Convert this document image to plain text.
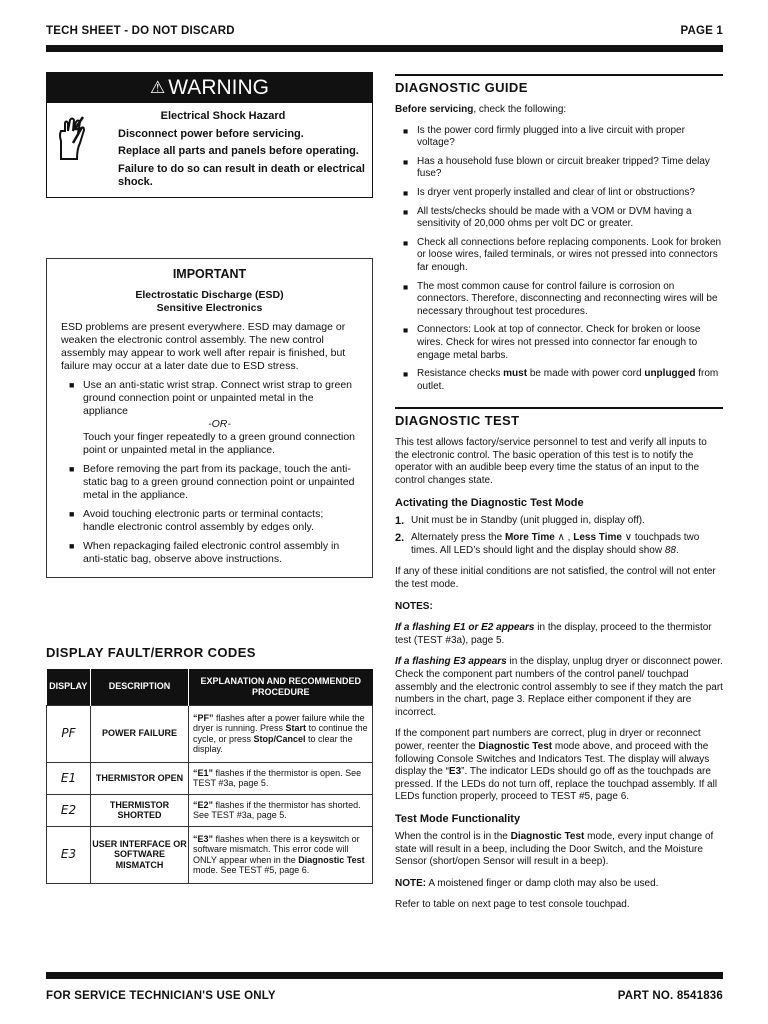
TECH SHEET - DO NOT DISCARD	PAGE 1
⚠ WARNING
Electrical Shock Hazard
Disconnect power before servicing.
Replace all parts and panels before operating.
Failure to do so can result in death or electrical shock.
IMPORTANT
Electrostatic Discharge (ESD)
Sensitive Electronics
ESD problems are present everywhere. ESD may damage or weaken the electronic control assembly. The new control assembly may appear to work well after repair is finished, but failure may occur at a later date due to ESD stress.
■ Use an anti-static wrist strap. Connect wrist strap to green ground connection point or unpainted metal in the appliance
-OR-
Touch your finger repeatedly to a green ground connection point or unpainted metal in the appliance.
■ Before removing the part from its package, touch the anti-static bag to a green ground connection point or unpainted metal in the appliance.
■ Avoid touching electronic parts or terminal contacts; handle electronic control assembly by edges only.
■ When repackaging failed electronic control assembly in anti-static bag, observe above instructions.
DISPLAY FAULT/ERROR CODES
DISPLAY	DESCRIPTION	EXPLANATION AND RECOMMENDED PROCEDURE
PF	POWER FAILURE	“PF” flashes after a power failure while the dryer is running. Press Start to continue the cycle, or press Stop/Cancel to clear the display.
E1	THERMISTOR OPEN	“E1” flashes if the thermistor is open. See TEST #3a, page 5.
E2	THERMISTOR SHORTED	“E2” flashes if the thermistor has shorted. See TEST #3a, page 5.
E3	USER INTERFACE OR SOFTWARE MISMATCH	“E3” flashes when there is a keyswitch or software mismatch. This error code will ONLY appear when in the Diagnostic Test mode. See TEST #5, page 6.
DIAGNOSTIC GUIDE

Before servicing, check the following:

■ Is the power cord firmly plugged into a live circuit with proper voltage?
■ Has a household fuse blown or circuit breaker tripped? Time delay fuse?
■ Is dryer vent properly installed and clear of lint or obstructions?
■ All tests/checks should be made with a VOM or DVM having a sensitivity of 20,000 ohms per volt DC or greater.
■ Check all connections before replacing components. Look for broken or loose wires, failed terminals, or wires not pressed into connectors far enough.
■ The most common cause for control failure is corrosion on connectors. Therefore, disconnecting and reconnecting wires will be necessary throughout test procedures.
■ Connectors: Look at top of connector. Check for broken or loose wires. Check for wires not pressed into connector far enough to engage metal barbs.
■ Resistance checks must be made with power cord unplugged from outlet.
DIAGNOSTIC TEST

This test allows factory/service personnel to test and verify all inputs to the electronic control. The basic operation of this test is to notify the operator with an audible beep every time the status of an input to the control changes state.

Activating the Diagnostic Test Mode
1. Unit must be in Standby (unit plugged in, display off).
2. Alternately press the More Time ∧ , Less Time ∨ touchpads two times. All LED’s should light and the display should show 88.

If any of these initial conditions are not satisfied, the control will not enter the test mode.

NOTES:

If a flashing E1 or E2 appears in the display, proceed to the thermistor test (TEST #3a), page 5.

If a flashing E3 appears in the display, unplug dryer or disconnect power. Check the component part numbers of the control panel/ touchpad assembly and the electronic control assembly to see if they match the part numbers in the chart, page 3. Replace either component if they are incorrect.

If the component part numbers are correct, plug in dryer or reconnect power, reenter the Diagnostic Test mode above, and proceed with the following Console Switches and Indicators Test. The display will always display the “E3”. The indicator LEDs should go off as the touchpads are pressed. If the LEDs do not turn off, replace the touchpad assembly. If all LEDs function properly, proceed to TEST #5, page 6.

Test Mode Functionality

When the control is in the Diagnostic Test mode, every input change of state will result in a beep, including the Door Switch, and the Moisture Sensor (short/open Sensor will result in a beep).

NOTE: A moistened finger or damp cloth may also be used.

Refer to table on next page to test console touchpad.

FOR SERVICE TECHNICIAN'S USE ONLY	PART NO. 8541836
